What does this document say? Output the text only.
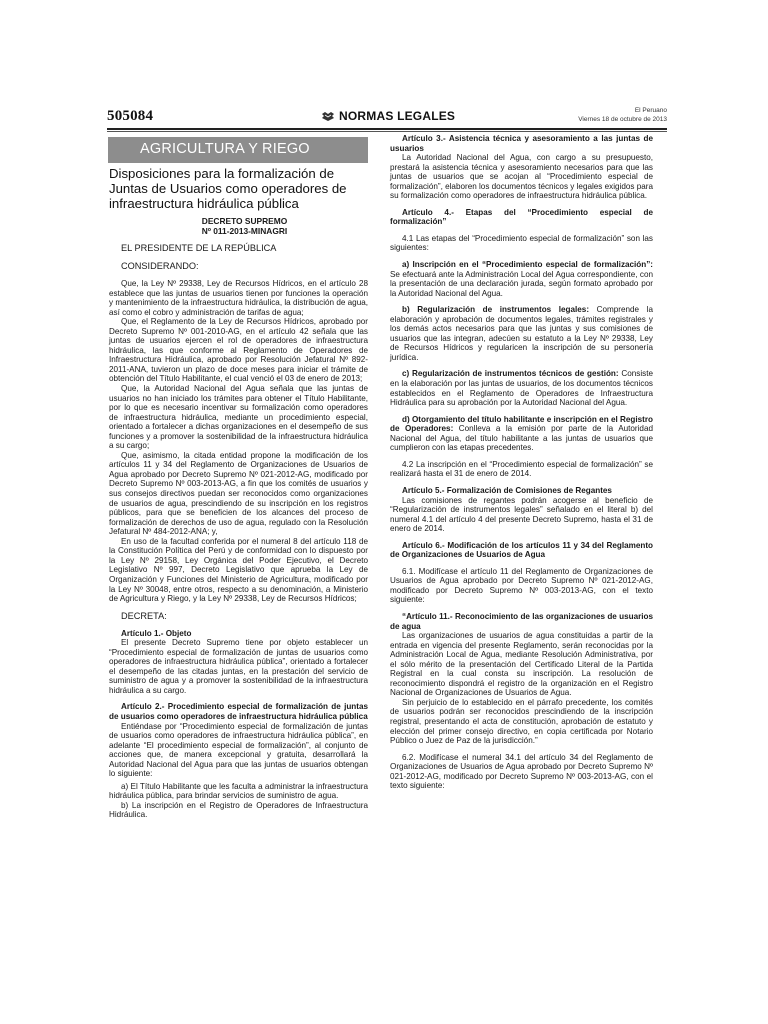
505084	NORMAS LEGALES	El Peruano
Viernes 18 de octubre de 2013
AGRICULTURA Y RIEGO

Disposiciones para la formalización de Juntas de Usuarios como operadores de infraestructura hidráulica pública

DECRETO SUPREMO

Nº 011-2013-MINAGRI

EL PRESIDENTE DE LA REPÚBLICA

CONSIDERANDO:

Que, la Ley Nº 29338, Ley de Recursos Hídricos, en el artículo 28 establece que las juntas de usuarios tienen por funciones la operación y mantenimiento de la infraestructura hidráulica, la distribución de agua, así como el cobro y administración de tarifas de agua;

Que, el Reglamento de la Ley de Recursos Hídricos, aprobado por Decreto Supremo Nº 001-2010-AG, en el artículo 42 señala que las juntas de usuarios ejercen el rol de operadores de infraestructura hidráulica, las que conforme al Reglamento de Operadores de Infraestructura Hidráulica, aprobado por Resolución Jefatural Nº 892-2011-ANA, tuvieron un plazo de doce meses para iniciar el trámite de obtención del Título Habilitante, el cual venció el 03 de enero de 2013;

Que, la Autoridad Nacional del Agua señala que las juntas de usuarios no han iniciado los trámites para obtener el Título Habilitante, por lo que es necesario incentivar su formalización como operadores de infraestructura hidráulica, mediante un procedimiento especial, orientado a fortalecer a dichas organizaciones en el desempeño de sus funciones y a promover la sostenibilidad de la infraestructura hidráulica a su cargo;

Que, asimismo, la citada entidad propone la modificación de los artículos 11 y 34 del Reglamento de Organizaciones de Usuarios de Agua aprobado por Decreto Supremo Nº 021-2012-AG, modificado por Decreto Supremo Nº 003-2013-AG, a fin que los comités de usuarios y sus consejos directivos puedan ser reconocidos como organizaciones de usuarios de agua, prescindiendo de su inscripción en los registros públicos, para que se beneficien de los alcances del proceso de formalización de derechos de uso de agua, regulado con la Resolución Jefatural Nº 484-2012-ANA; y,

En uso de la facultad conferida por el numeral 8 del artículo 118 de la Constitución Política del Perú y de conformidad con lo dispuesto por la Ley Nº 29158, Ley Orgánica del Poder Ejecutivo, el Decreto Legislativo Nº 997, Decreto Legislativo que aprueba la Ley de Organización y Funciones del Ministerio de Agricultura, modificado por la Ley Nº 30048, entre otros, respecto a su denominación, a Ministerio de Agricultura y Riego, y la Ley Nº 29338, Ley de Recursos Hídricos;

DECRETA:

Artículo 1.- Objeto

El presente Decreto Supremo tiene por objeto establecer un “Procedimiento especial de formalización de juntas de usuarios como operadores de infraestructura hidráulica pública”, orientado a fortalecer el desempeño de las citadas juntas, en la prestación del servicio de suministro de agua y a promover la sostenibilidad de la infraestructura hidráulica a su cargo.

Artículo 2.- Procedimiento especial de formalización de juntas de usuarios como operadores de infraestructura hidráulica pública

Entiéndase por “Procedimiento especial de formalización de juntas de usuarios como operadores de infraestructura hidráulica pública”, en adelante “El procedimiento especial de formalización”, al conjunto de acciones que, de manera excepcional y gratuita, desarrollará la Autoridad Nacional del Agua para que las juntas de usuarios obtengan lo siguiente:

a) El Título Habilitante que les faculta a administrar la infraestructura hidráulica pública, para brindar servicios de suministro de agua.

b) La inscripción en el Registro de Operadores de Infraestructura Hidráulica.

Artículo 3.- Asistencia técnica y asesoramiento a las juntas de usuarios

La Autoridad Nacional del Agua, con cargo a su presupuesto, prestará la asistencia técnica y asesoramiento necesarios para que las juntas de usuarios que se acojan al “Procedimiento especial de formalización”, elaboren los documentos técnicos y legales exigidos para su formalización como operadores de infraestructura hidráulica pública.

Artículo 4.- Etapas del “Procedimiento especial de formalización”

4.1 Las etapas del “Procedimiento especial de formalización” son las siguientes:

a) Inscripción en el “Procedimiento especial de formalización”: Se efectuará ante la Administración Local del Agua correspondiente, con la presentación de una declaración jurada, según formato aprobado por la Autoridad Nacional del Agua.

b) Regularización de instrumentos legales: Comprende la elaboración y aprobación de documentos legales, trámites registrales y los demás actos necesarios para que las juntas y sus comisiones de usuarios que las integran, adecúen su estatuto a la Ley Nº 29338, Ley de Recursos Hídricos y regularicen la inscripción de su personería jurídica.

c) Regularización de instrumentos técnicos de gestión: Consiste en la elaboración por las juntas de usuarios, de los documentos técnicos establecidos en el Reglamento de Operadores de Infraestructura Hidráulica para su aprobación por la Autoridad Nacional del Agua.

d) Otorgamiento del título habilitante e inscripción en el Registro de Operadores: Conlleva a la emisión por parte de la Autoridad Nacional del Agua, del título habilitante a las juntas de usuarios que cumplieron con las etapas precedentes.

4.2 La inscripción en el “Procedimiento especial de formalización” se realizará hasta el 31 de enero de 2014.

Artículo 5.- Formalización de Comisiones de Regantes

Las comisiones de regantes podrán acogerse al beneficio de “Regularización de instrumentos legales” señalado en el literal b) del numeral 4.1 del artículo 4 del presente Decreto Supremo, hasta el 31 de enero de 2014.

Artículo 6.- Modificación de los artículos 11 y 34 del Reglamento de Organizaciones de Usuarios de Agua

6.1. Modifícase el artículo 11 del Reglamento de Organizaciones de Usuarios de Agua aprobado por Decreto Supremo Nº 021-2012-AG, modificado por Decreto Supremo Nº 003-2013-AG, con el texto siguiente:

“Artículo 11.- Reconocimiento de las organizaciones de usuarios de agua

Las organizaciones de usuarios de agua constituidas a partir de la entrada en vigencia del presente Reglamento, serán reconocidas por la Administración Local de Agua, mediante Resolución Administrativa, por el sólo mérito de la presentación del Certificado Literal de la Partida Registral en la cual consta su inscripción. La resolución de reconocimiento dispondrá el registro de la organización en el Registro Nacional de Organizaciones de Usuarios de Agua.

Sin perjuicio de lo establecido en el párrafo precedente, los comités de usuarios podrán ser reconocidos prescindiendo de la inscripción registral, presentando el acta de constitución, aprobación de estatuto y elección del primer consejo directivo, en copia certificada por Notario Público o Juez de Paz de la jurisdicción.”

6.2. Modifícase el numeral 34.1 del artículo 34 del Reglamento de Organizaciones de Usuarios de Agua aprobado por Decreto Supremo Nº 021-2012-AG, modificado por Decreto Supremo Nº 003-2013-AG, con el texto siguiente:
